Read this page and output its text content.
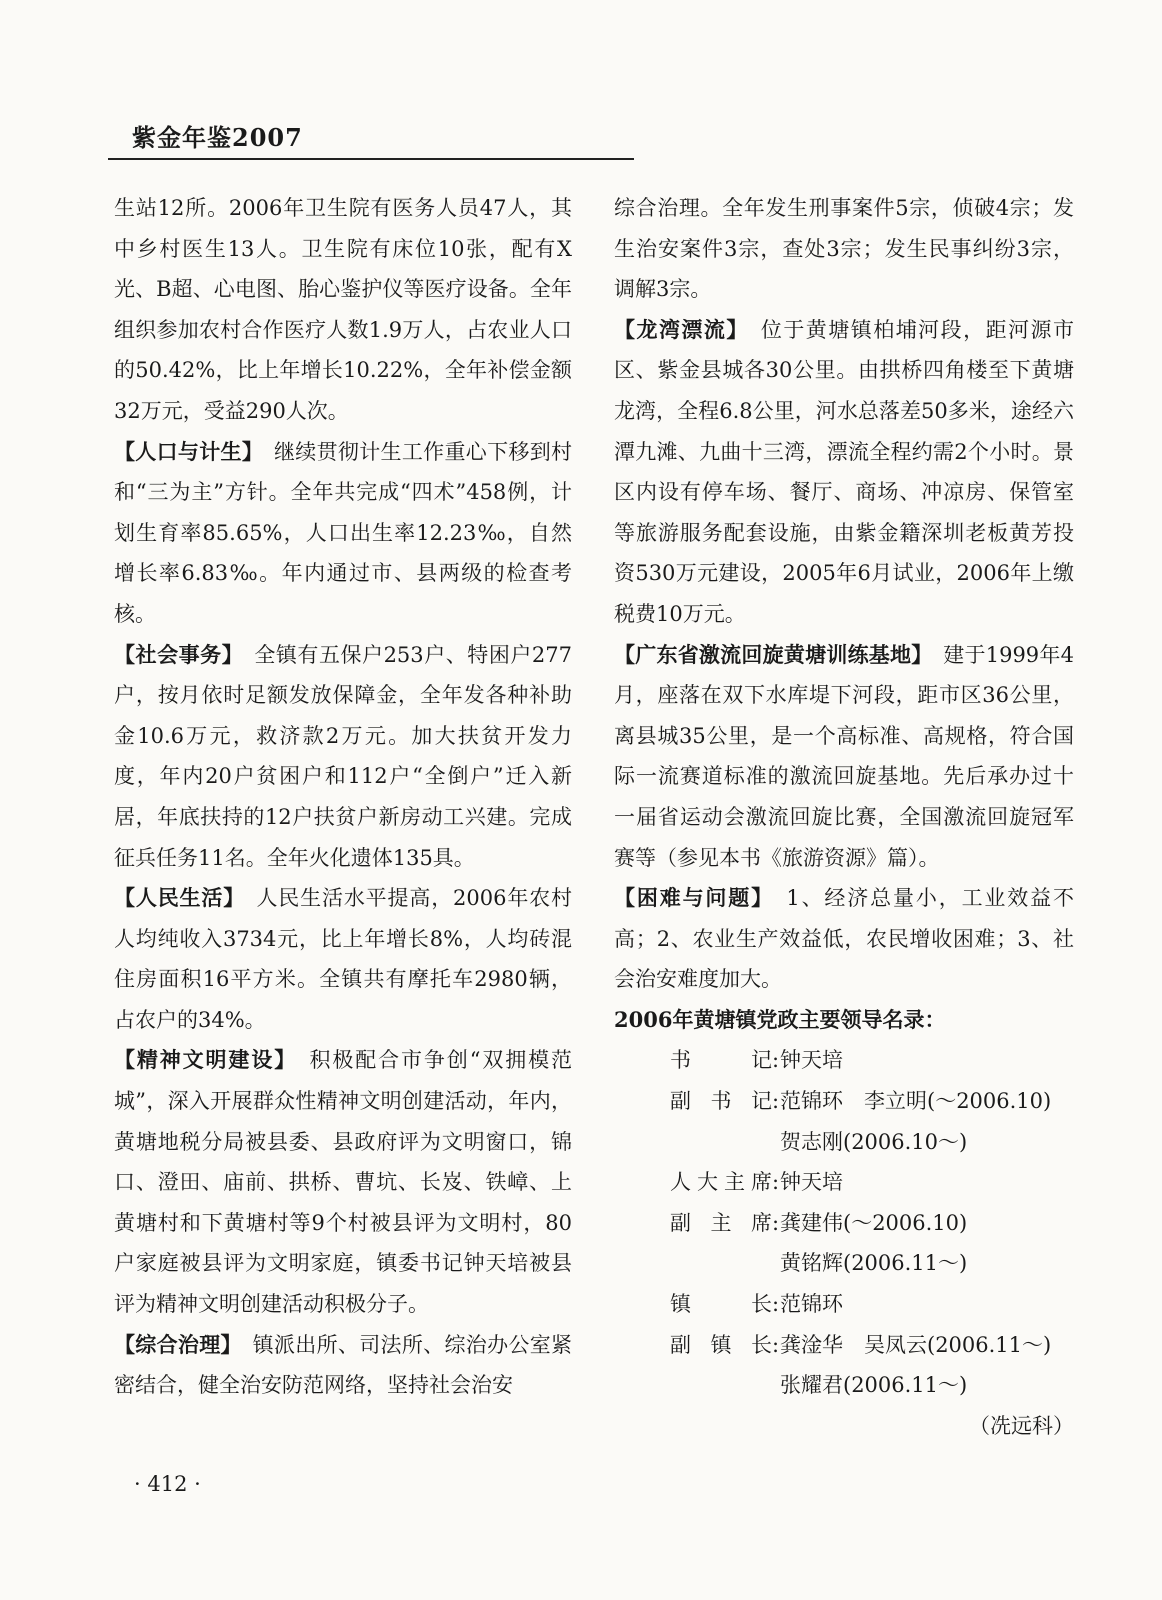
紫金年鉴2007

生站12所。2006年卫生院有医务人员47人，其中乡村医生13人。卫生院有床位10张，配有X光、B超、心电图、胎心鉴护仪等医疗设备。全年组织参加农村合作医疗人数1.9万人，占农业人口的50.42%，比上年增长10.22%，全年补偿金额32万元，受益290人次。

【人口与计生】　 继续贯彻计生工作重心下移到村和“三为主”方针。全年共完成“四术”458例，计划生育率85.65%，人口出生率12.23‰，自然增长率6.83‰。年内通过市、县两级的检查考核。

【社会事务】　 全镇有五保户253户、特困户277户，按月依时足额发放保障金，全年发各种补助金10.6万元，救济款2万元。加大扶贫开发力度，年内20户贫困户和112户“全倒户”迁入新居，年底扶持的12户扶贫户新房动工兴建。完成征兵任务11名。全年火化遗体135具。

【人民生活】　 人民生活水平提高，2006年农村人均纯收入3734元，比上年增长8%，人均砖混住房面积16平方米。全镇共有摩托车2980辆，占农户的34%。

【精神文明建设】　 积极配合市争创“双拥模范城”，深入开展群众性精神文明创建活动，年内，黄塘地税分局被县委、县政府评为文明窗口，锦口、澄田、庙前、拱桥、曹坑、长岌、铁嶂、上黄塘村和下黄塘村等9个村被县评为文明村，80户家庭被县评为文明家庭，镇委书记钟天培被县评为精神文明创建活动积极分子。

【综合治理】　 镇派出所、司法所、综治办公室紧密结合，健全治安防范网络，坚持社会治安

综合治理。全年发生刑事案件5宗，侦破4宗；发生治安案件3宗，查处3宗；发生民事纠纷3宗，调解3宗。

【龙湾漂流】　 位于黄塘镇柏埔河段，距河源市区、紫金县城各30公里。由拱桥四角楼至下黄塘龙湾，全程6.8公里，河水总落差50多米，途经六潭九滩、九曲十三湾，漂流全程约需2个小时。景区内设有停车场、餐厅、商场、冲凉房、保管室等旅游服务配套设施，由紫金籍深圳老板黄芳投资530万元建设，2005年6月试业，2006年上缴税费10万元。

【广东省激流回旋黄塘训练基地】　 建于1999年4月，座落在双下水库堤下河段，距市区36公里，离县城35公里，是一个高标准、高规格，符合国际一流赛道标准的激流回旋基地。先后承办过十一届省运动会激流回旋比赛，全国激流回旋冠军赛等（参见本书《旅游资源》篇）。

【困难与问题】　 1、经济总量小，工业效益不高；2、农业生产效益低，农民增收困难；3、社会治安难度加大。

2006年黄塘镇党政主要领导名录：

书记 : 钟天培
副书记 : 范锦环　李立明(～2006.10)
贺志刚(2006.10～)
人大主席 : 钟天培
副主席 : 龚建伟(～2006.10)
黄铭辉(2006.11～)
镇长 : 范锦环
副镇长 : 龚淦华　吴凤云(2006.11～)
张耀君(2006.11～)

（冼远科）

· 412 ·
